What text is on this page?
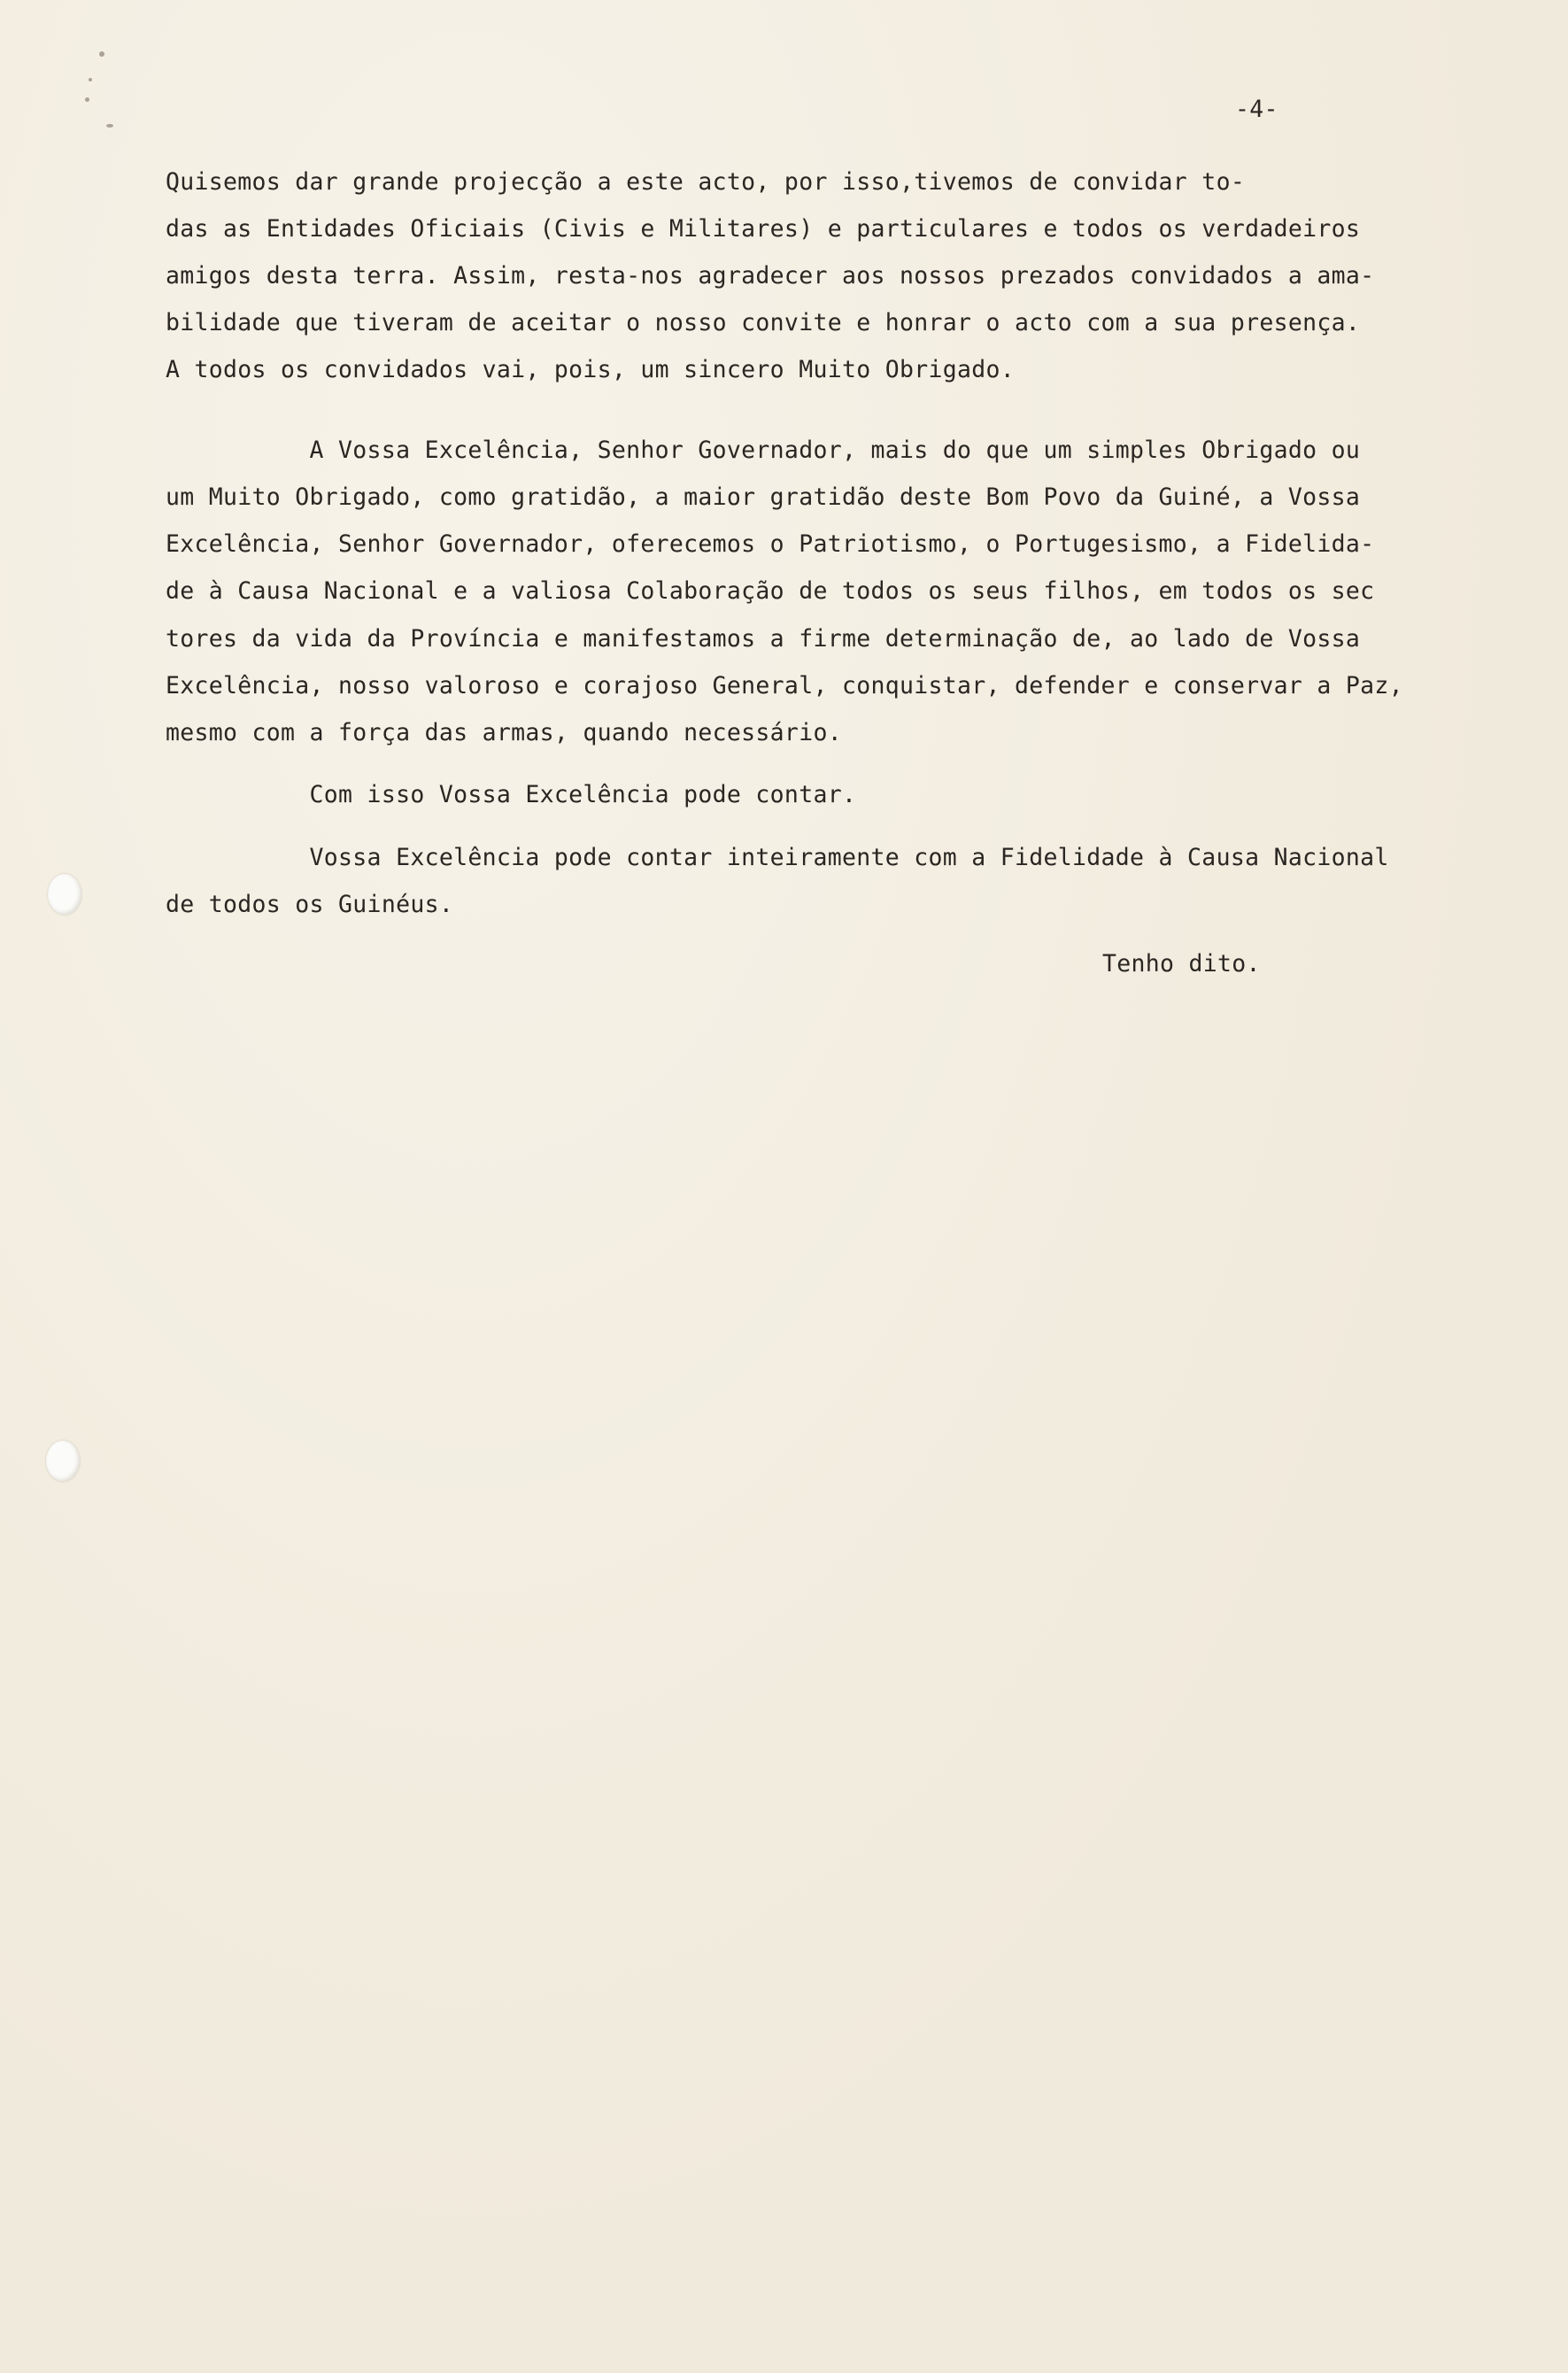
-4-

Quisemos dar grande projecção a este acto, por isso,tivemos de convidar to-

das as Entidades Oficiais (Civis e Militares) e particulares e todos os verdadeiros

amigos desta terra. Assim, resta-nos agradecer aos nossos prezados convidados a ama-

bilidade que tiveram de aceitar o nosso convite e honrar o acto com a sua presença.

A todos os convidados vai, pois, um sincero Muito Obrigado.

A Vossa Excelência, Senhor Governador, mais do que um simples Obrigado ou

um Muito Obrigado, como gratidão, a maior gratidão deste Bom Povo da Guiné, a Vossa

Excelência, Senhor Governador, oferecemos o Patriotismo, o Portugesismo, a Fidelida-

de à Causa Nacional e a valiosa Colaboração de todos os seus filhos, em todos os sec

tores da vida da Província e manifestamos a firme determinação de, ao lado de Vossa

Excelência, nosso valoroso e corajoso General, conquistar, defender e conservar a Paz,

mesmo com a força das armas, quando necessário.

Com isso Vossa Excelência pode contar.

Vossa Excelência pode contar inteiramente com a Fidelidade à Causa Nacional

de todos os Guinéus.

Tenho dito.
